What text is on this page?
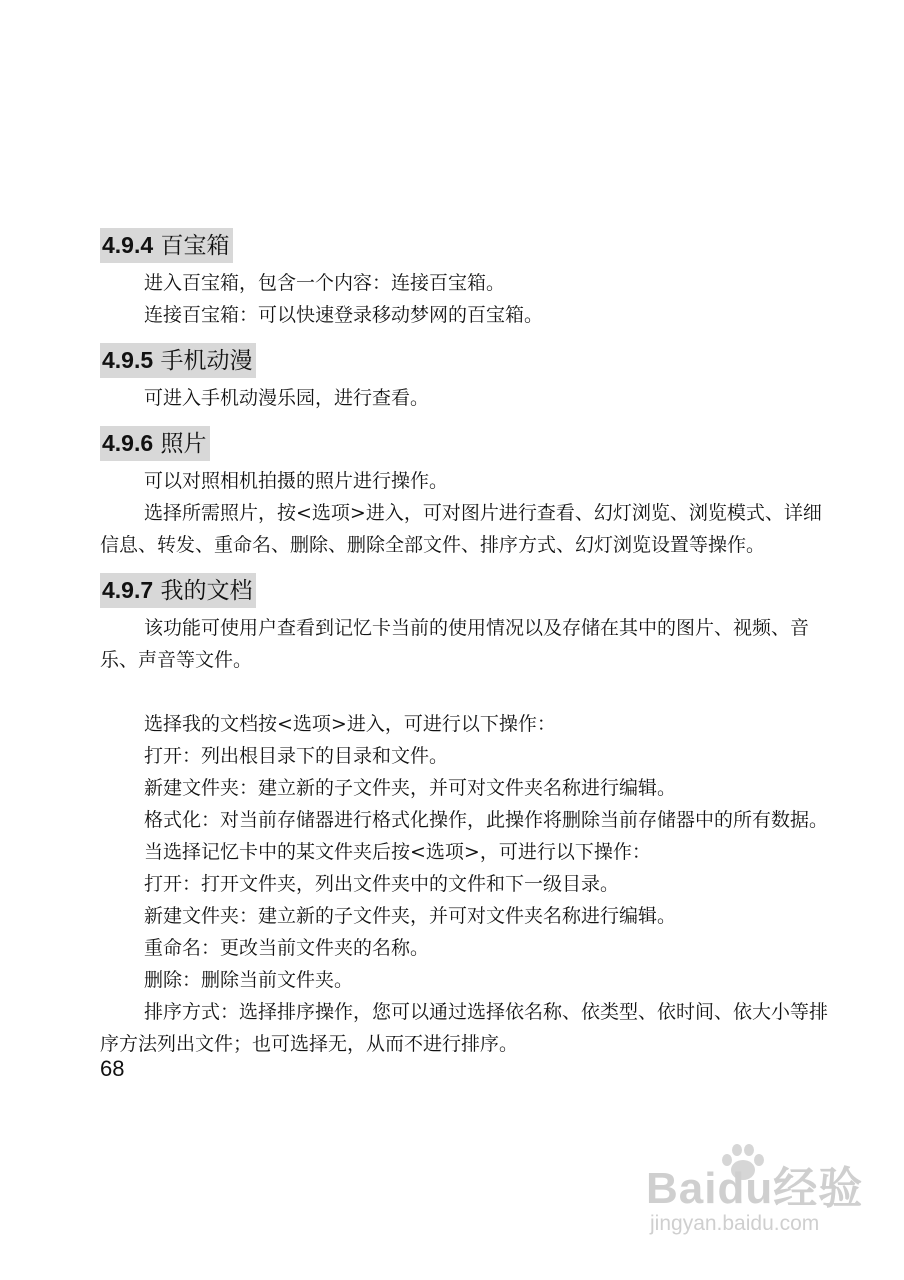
4.9.4 百宝箱

进入百宝箱，包含一个内容：连接百宝箱。

连接百宝箱：可以快速登录移动梦网的百宝箱。

4.9.5 手机动漫

可进入手机动漫乐园，进行查看。

4.9.6 照片

可以对照相机拍摄的照片进行操作。

选择所需照片，按<选项>进入，可对图片进行查看、幻灯浏览、浏览模式、详细信息、转发、重命名、删除、删除全部文件、排序方式、幻灯浏览设置等操作。

4.9.7 我的文档

该功能可使用户查看到记忆卡当前的使用情况以及存储在其中的图片、视频、音乐、声音等文件。

选择我的文档按<选项>进入，可进行以下操作：

打开：列出根目录下的目录和文件。

新建文件夹：建立新的子文件夹，并可对文件夹名称进行编辑。

格式化：对当前存储器进行格式化操作，此操作将删除当前存储器中的所有数据。

当选择记忆卡中的某文件夹后按<选项>，可进行以下操作：

打开：打开文件夹，列出文件夹中的文件和下一级目录。

新建文件夹：建立新的子文件夹，并可对文件夹名称进行编辑。

重命名：更改当前文件夹的名称。

删除：删除当前文件夹。

排序方式：选择排序操作，您可以通过选择依名称、依类型、依时间、依大小等排序方法列出文件；也可选择无，从而不进行排序。

68
Baidu经验
jingyan.baidu.com
